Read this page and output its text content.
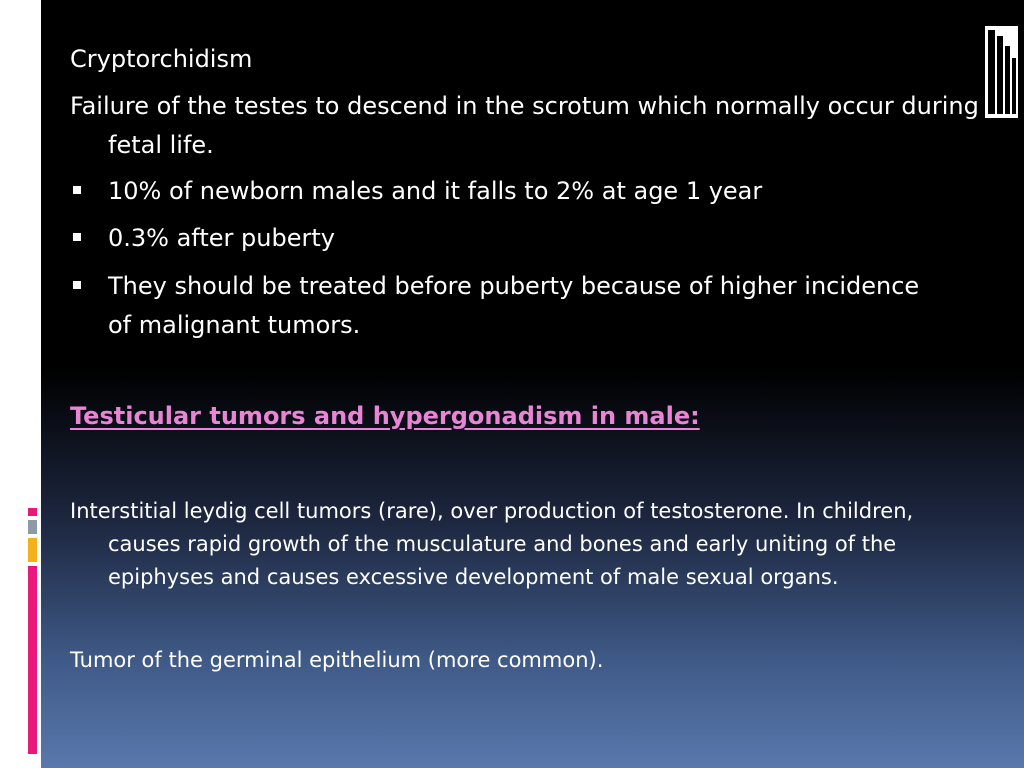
Cryptorchidism
Failure of the testes to descend in the scrotum which normally occur during fetal life.
10% of newborn males and it falls to 2% at age 1 year
0.3% after puberty
They should be treated before puberty because of higher incidence of malignant tumors.
Testicular tumors and hypergonadism in male:
Interstitial leydig cell tumors (rare), over production of testosterone. In children, causes rapid growth of the musculature and bones and early uniting of the epiphyses and causes excessive development of male sexual organs.
Tumor of the germinal epithelium (more common).
